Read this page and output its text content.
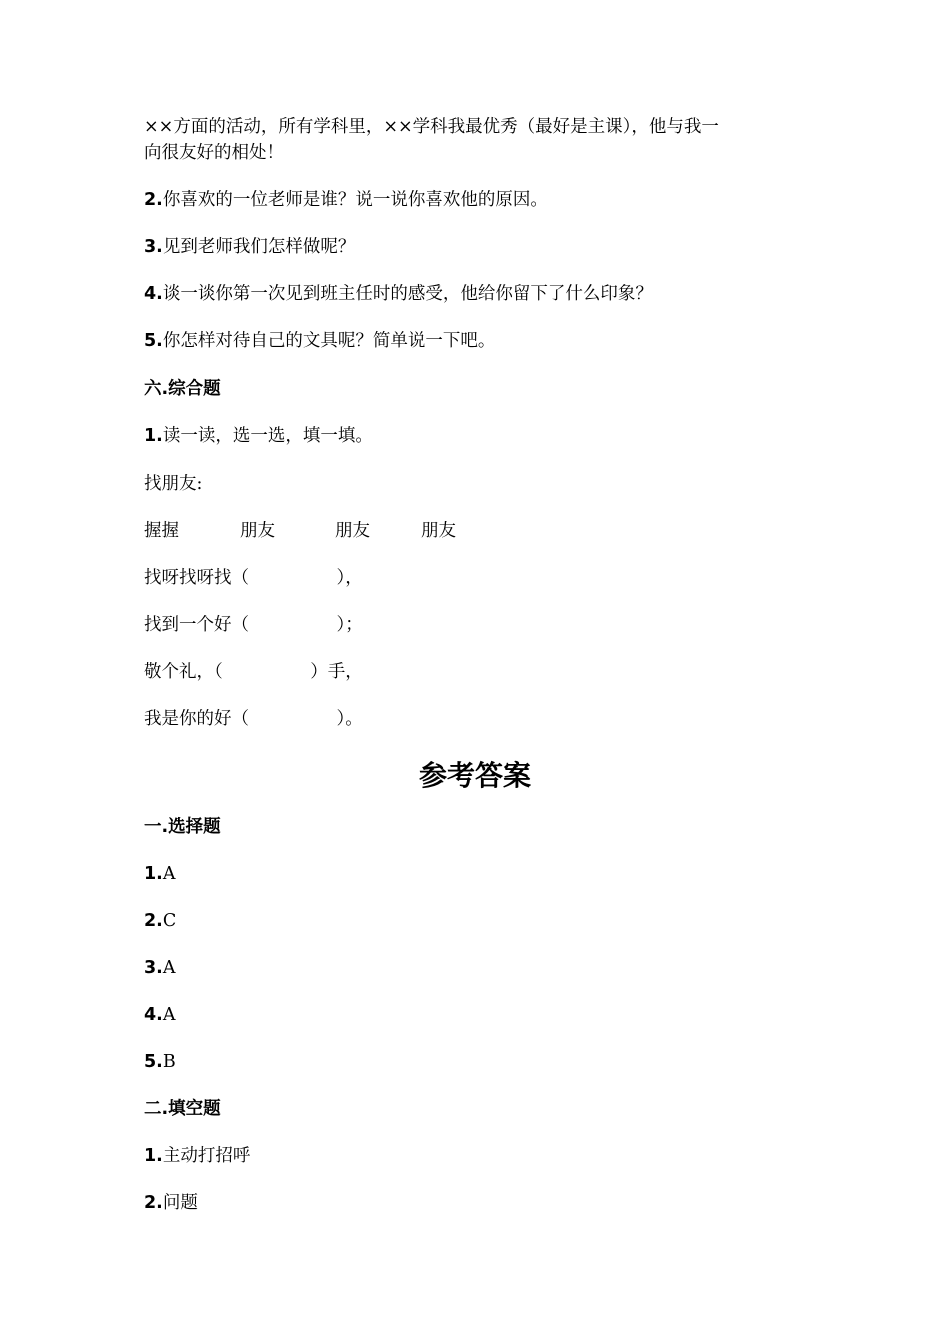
××方面的活动，所有学科里，××学科我最优秀（最好是主课），他与我一
向很友好的相处！
2.你喜欢的一位老师是谁？说一说你喜欢他的原因。
3.见到老师我们怎样做呢？
4.谈一谈你第一次见到班主任时的感受，他给你留下了什么印象？
5.你怎样对待自己的文具呢？简单说一下吧。
六.综合题
1.读一读，选一选，填一填。
找朋友:
握握	朋友	朋友	朋友
找呀找呀找（　　　　　），
找到一个好（　　　　　）；
敬个礼，（　　　　　）手，
我是你的好（　　　　　）。
参考答案
一.选择题
1.A
2.C
3.A
4.A
5.B
二.填空题
1.主动打招呼
2.问题
